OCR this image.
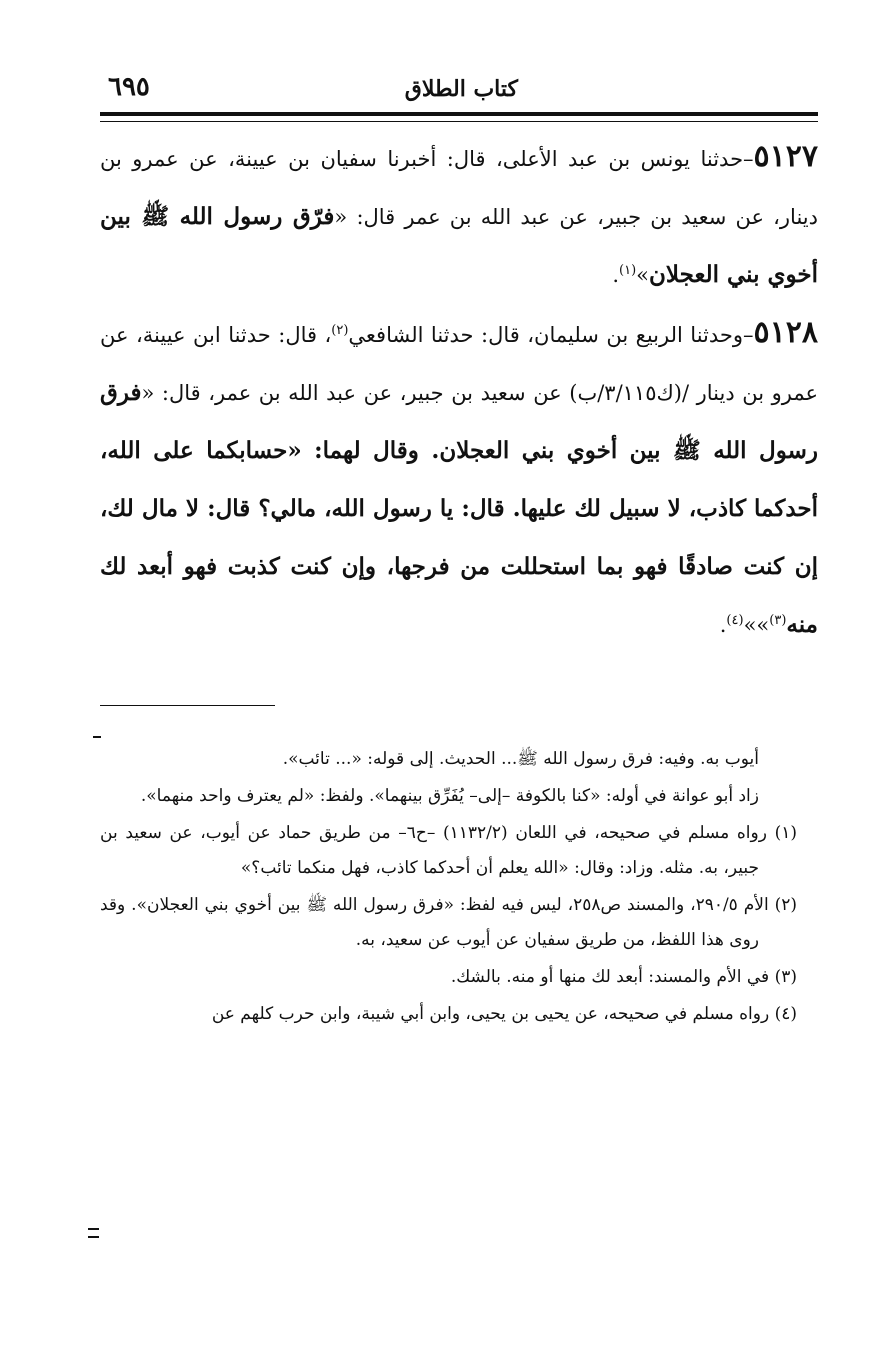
كتاب الطلاق
٦٩٥

٥١٢٧–حدثنا يونس بن عبد الأعلى، قال: أخبرنا سفيان بن عيينة، عن عمرو بن دينار، عن سعيد بن جبير، عن عبد الله بن عمر قال: «فرّق رسول الله ﷺ بين أخوي بني العجلان»$^{(١)}$.

٥١٢٨–وحدثنا الربيع بن سليمان، قال: حدثنا الشافعي$^{(٢)}$، قال: حدثنا ابن عيينة، عن عمرو بن دينار /(ك٣/١١٥/ب) عن سعيد بن جبير، عن عبد الله بن عمر، قال: «فرق رسول الله ﷺ بين أخوي بني العجلان. وقال لهما: «حسابكما على الله، أحدكما كاذب، لا سبيل لك عليها. قال: يا رسول الله، مالي؟ قال: لا مال لك، إن كنت صادقًا فهو بما استحللت من فرجها، وإن كنت كذبت فهو أبعد لك منه$^{(٣)}$»»$^{(٤)}$.

أيوب به. وفيه: فرق رسول الله ﷺ... الحديث. إلى قوله: «... تائب».

زاد أبو عوانة في أوله: «كنا بالكوفة –إلى– يُفَرِّق بينهما». ولفظ: «لم يعترف واحد منهما».

(١) رواه مسلم في صحيحه، في اللعان (١١٣٢/٢) –ح٦– من طريق حماد عن أيوب، عن سعيد بن جبير، به. مثله. وزاد: وقال: «الله يعلم أن أحدكما كاذب، فهل منكما تائب؟»

(٢) الأم ٢٩٠/٥، والمسند ص٢٥٨، ليس فيه لفظ: «فرق رسول الله ﷺ بين أخوي بني العجلان». وقد روى هذا اللفظ، من طريق سفيان عن أيوب عن سعيد، به.

(٣) في الأم والمسند: أبعد لك منها أو منه. بالشك.

(٤) رواه مسلم في صحيحه، عن يحيى بن يحيى، وابن أبي شيبة، وابن حرب كلهم عن
